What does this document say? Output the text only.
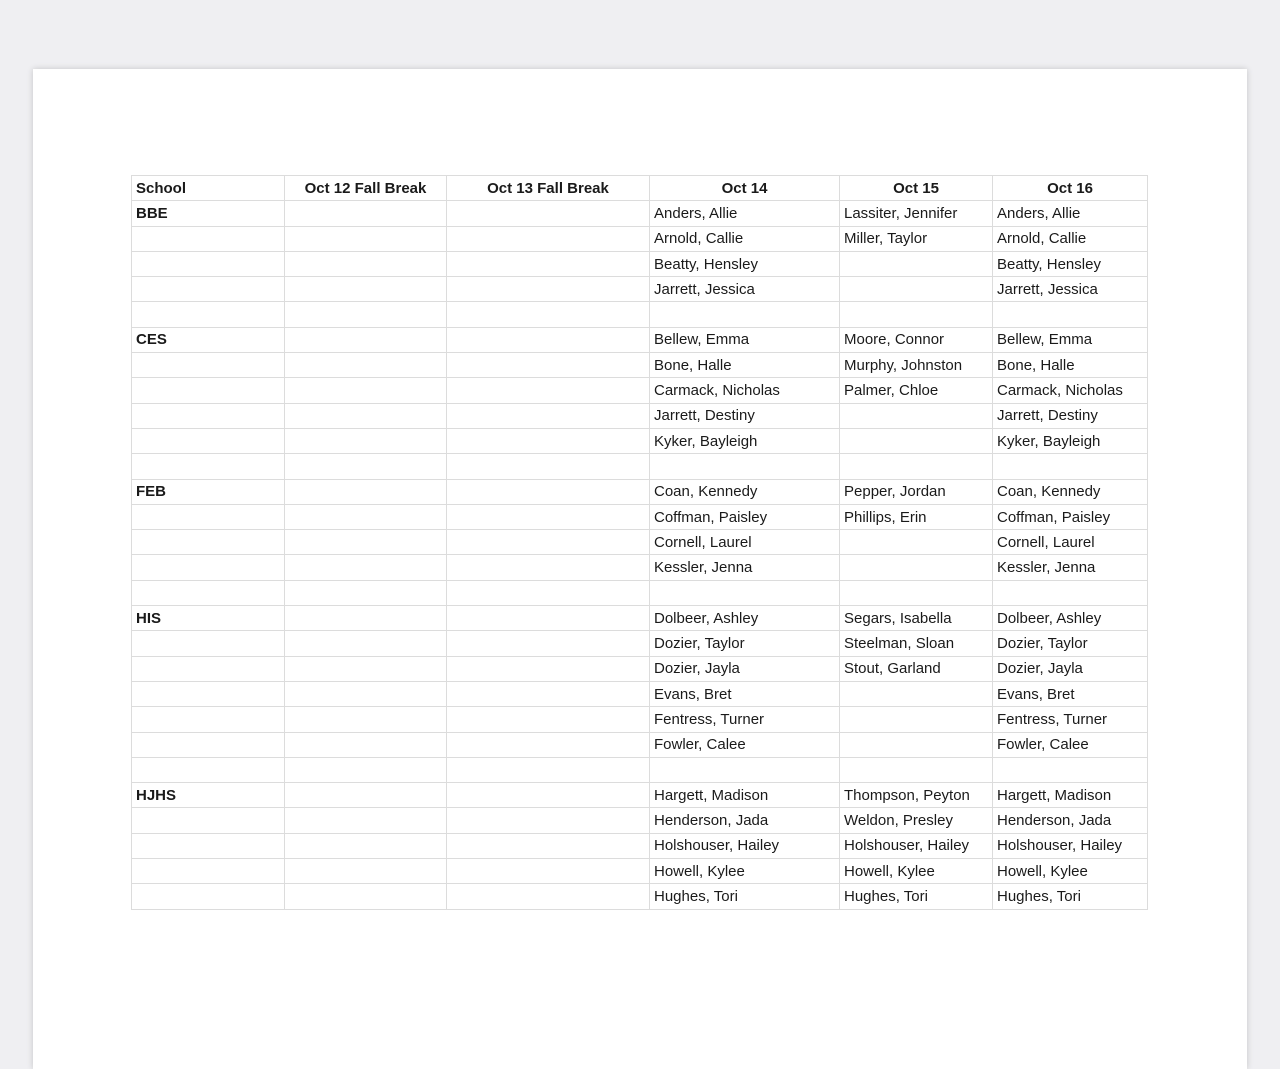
School	Oct 12 Fall Break	Oct 13 Fall Break	Oct 14	Oct 15	Oct 16
BBE			Anders, Allie	Lassiter, Jennifer	Anders, Allie
			Arnold, Callie	Miller, Taylor	Arnold, Callie
			Beatty, Hensley		Beatty, Hensley
			Jarrett, Jessica		Jarrett, Jessica

CES			Bellew, Emma	Moore, Connor	Bellew, Emma
			Bone, Halle	Murphy, Johnston	Bone, Halle
			Carmack, Nicholas	Palmer, Chloe	Carmack, Nicholas
			Jarrett, Destiny		Jarrett, Destiny
			Kyker, Bayleigh		Kyker, Bayleigh

FEB			Coan, Kennedy	Pepper, Jordan	Coan, Kennedy
			Coffman, Paisley	Phillips, Erin	Coffman, Paisley
			Cornell, Laurel		Cornell, Laurel
			Kessler, Jenna		Kessler, Jenna

HIS			Dolbeer, Ashley	Segars, Isabella	Dolbeer, Ashley
			Dozier, Taylor	Steelman, Sloan	Dozier, Taylor
			Dozier, Jayla	Stout, Garland	Dozier, Jayla
			Evans, Bret		Evans, Bret
			Fentress, Turner		Fentress, Turner
			Fowler, Calee		Fowler, Calee

HJHS			Hargett, Madison	Thompson, Peyton	Hargett, Madison
			Henderson, Jada	Weldon, Presley	Henderson, Jada
			Holshouser, Hailey	Holshouser, Hailey	Holshouser, Hailey
			Howell, Kylee	Howell, Kylee	Howell, Kylee
			Hughes, Tori	Hughes, Tori	Hughes, Tori
